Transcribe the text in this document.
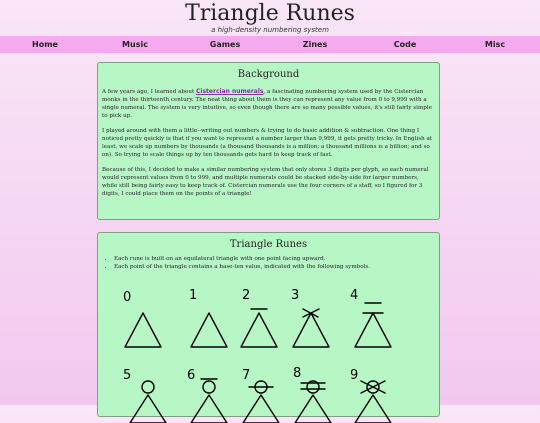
Triangle Runes
a high-density numbering system
Home	Music	Games	Zines	Code	Misc
Background

A few years ago, I learned about Cistercian numerals, a fascinating numbering system used by the Cistercian monks in the thirteenth century. The neat thing about them is they can represent any value from 0 to 9,999 with a single numeral. The system is very intuitive, so even though there are so many possible values, it's still fairly simple to pick up.

I played around with them a little--writing out numbers & trying to do basic addition & subtraction. One thing I noticed pretty quickly is that if you want to represent a number larger than 9,999, it gets pretty tricky. In English at least, we scale up numbers by thousands (a thousand thousands is a million; a thousand millions is a billion; and so on). So trying to scale things up by ten thousands gets hard to keep track of fast.

Because of this, I decided to make a similar numbering system that only stores 3 digits per glyph, so each numeral would represent values from 0 to 999, and multiple numerals could be stacked side-by-side for larger numbers, while still being fairly easy to keep track of. Cistercian numerals use the four corners of a staff, so I figured for 3 digits, I could place them on the points of a triangle!

Triangle Runes
• Each rune is built on an equilateral triangle with one point facing upward.
• Each point of the triangle contains a base-ten value, indicated with the following symbols.
0	1	2	3	4
5	6	7	8	9
